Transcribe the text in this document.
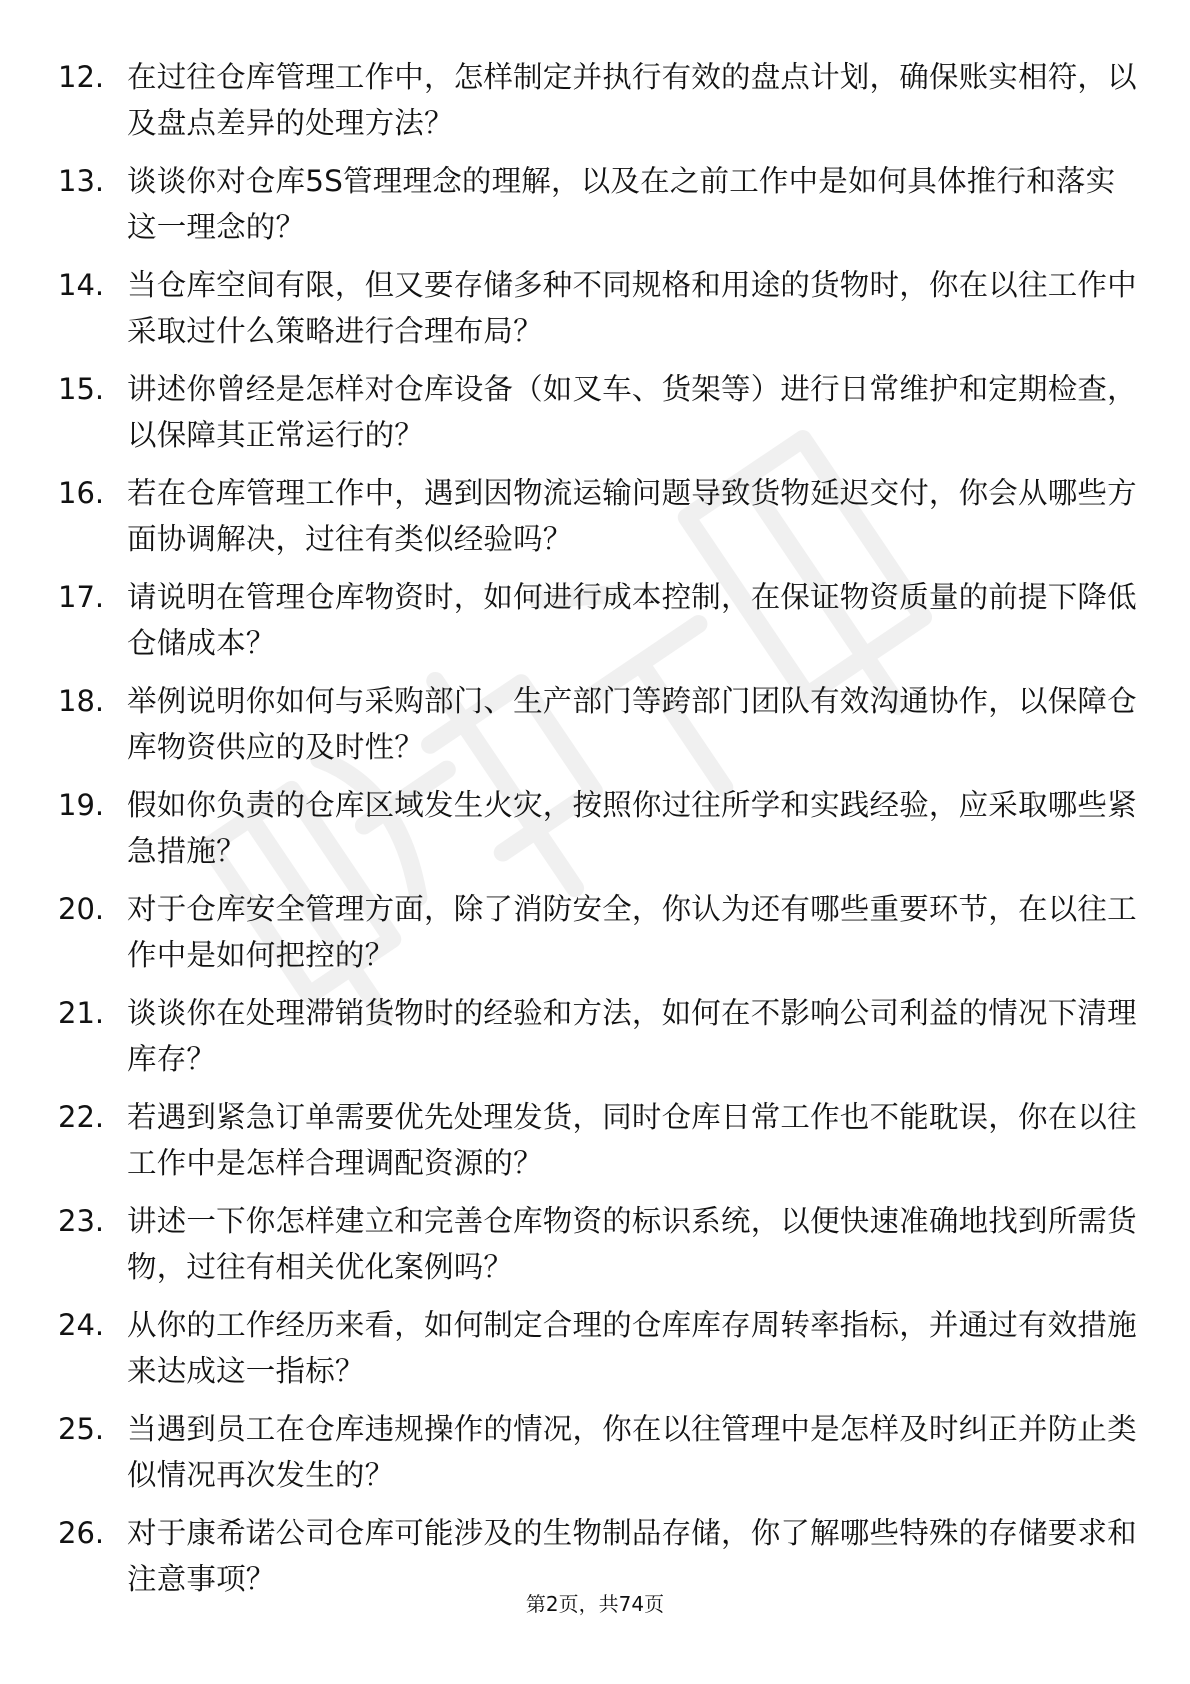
12. 在过往仓库管理工作中，怎样制定并执行有效的盘点计划，确保账实相符，以及盘点差异的处理方法？
13. 谈谈你对仓库5S管理理念的理解，以及在之前工作中是如何具体推行和落实这一理念的？
14. 当仓库空间有限，但又要存储多种不同规格和用途的货物时，你在以往工作中采取过什么策略进行合理布局？
15. 讲述你曾经是怎样对仓库设备（如叉车、货架等）进行日常维护和定期检查，以保障其正常运行的？
16. 若在仓库管理工作中，遇到因物流运输问题导致货物延迟交付，你会从哪些方面协调解决，过往有类似经验吗？
17. 请说明在管理仓库物资时，如何进行成本控制，在保证物资质量的前提下降低仓储成本？
18. 举例说明你如何与采购部门、生产部门等跨部门团队有效沟通协作，以保障仓库物资供应的及时性？
19. 假如你负责的仓库区域发生火灾，按照你过往所学和实践经验，应采取哪些紧急措施？
20. 对于仓库安全管理方面，除了消防安全，你认为还有哪些重要环节，在以往工作中是如何把控的？
21. 谈谈你在处理滞销货物时的经验和方法，如何在不影响公司利益的情况下清理库存？
22. 若遇到紧急订单需要优先处理发货，同时仓库日常工作也不能耽误，你在以往工作中是怎样合理调配资源的？
23. 讲述一下你怎样建立和完善仓库物资的标识系统，以便快速准确地找到所需货物，过往有相关优化案例吗？
24. 从你的工作经历来看，如何制定合理的仓库库存周转率指标，并通过有效措施来达成这一指标？
25. 当遇到员工在仓库违规操作的情况，你在以往管理中是怎样及时纠正并防止类似情况再次发生的？
26. 对于康希诺公司仓库可能涉及的生物制品存储，你了解哪些特殊的存储要求和注意事项？
第2页，共74页
